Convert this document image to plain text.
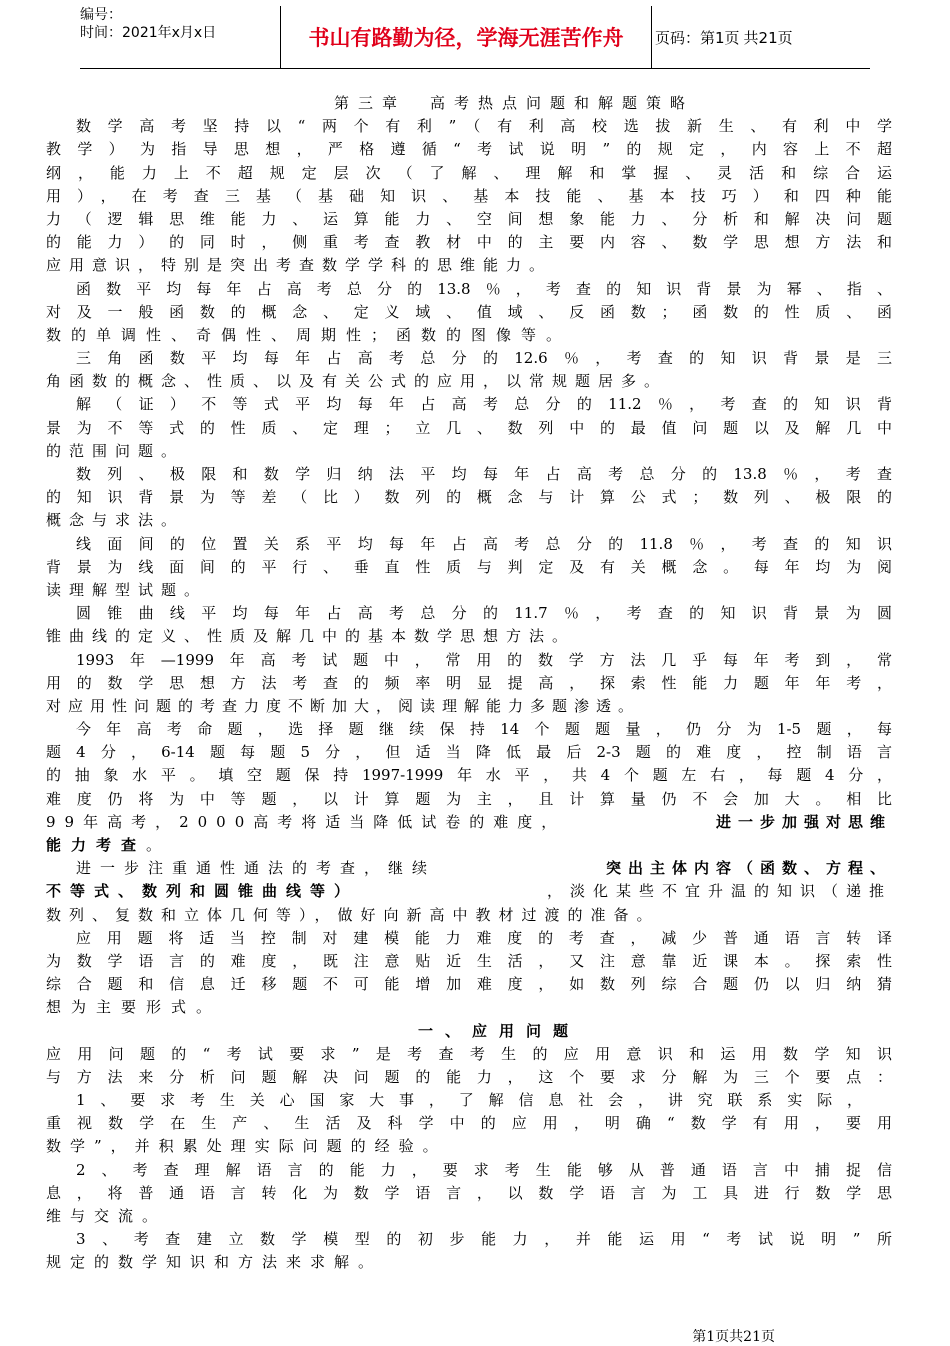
编号：
时间：2021年x月x日	书山有路勤为径，学海无涯苦作舟 页码：第1页 共21页
第三章　高考热点问题和解题策略
数学高考坚持以“两个有利”（有利高校选拔新生、有利中学
教学）为指导思想，严格遵循“考试说明”的规定，内容上不超
纲，能力上不超规定层次（了解、理解和掌握、灵活和综合运
用），在考查三基（基础知识、基本技能、基本技巧）和四种能
力（逻辑思维能力、运算能力、空间想象能力、分析和解决问题
的能力）的同时，侧重考查教材中的主要内容、数学思想方法和
应用意识，特别是突出考查数学学科的思维能力。
函数平均每年占高考总分的13.8％，考查的知识背景为幂、指、
对及一般函数的概念、定义域、值域、反函数；函数的性质、函
数的单调性、奇偶性、周期性；函数的图像等。
三角函数平均每年占高考总分的12.6％，考查的知识背景是三
角函数的概念、性质、以及有关公式的应用，以常规题居多。
解（证）不等式平均每年占高考总分的11.2％，考查的知识背
景为不等式的性质、定理；立几、数列中的最值问题以及解几中
的范围问题。
数列、极限和数学归纳法平均每年占高考总分的13.8％，考查
的知识背景为等差（比）数列的概念与计算公式；数列、极限的
概念与求法。
线面间的位置关系平均每年占高考总分的11.8％，考查的知识
背景为线面间的平行、垂直性质与判定及有关概念。每年均为阅
读理解型试题。
圆锥曲线平均每年占高考总分的11.7％，考查的知识背景为圆
锥曲线的定义、性质及解几中的基本数学思想方法。
1993年—1999年高考试题中，常用的数学方法几乎每年考到，常
用的数学思想方法考查的频率明显提高，探索性能力题年年考，
对应用性问题的考查力度不断加大，阅读理解能力多题渗透。
今年高考命题，选择题继续保持14个题题量，仍分为1-5题，每
题4分，6-14题每题5分，但适当降低最后2-3题的难度，控制语言
的抽象水平。填空题保持1997-1999年水平，共4个题左右，每题4分，
难度仍将为中等题，以计算题为主，且计算量仍不会加大。相比
99年高考，2000高考将适当降低试卷的难度，	进一步加强对思维
能力考查。
进一步注重通性通法的考查，继续	突出主体内容（函数、方程、
不等式、数列和圆锥曲线等）	，淡化某些不宜升温的知识（递推
数列、复数和立体几何等），做好向新高中教材过渡的准备。
应用题将适当控制对建模能力难度的考查，减少普通语言转译
为数学语言的难度，既注意贴近生活，又注意靠近课本。探索性
综合题和信息迁移题不可能增加难度，如数列综合题仍以归纳猜
想为主要形式。
一、应用问题
应用问题的“考试要求”是考查考生的应用意识和运用数学知识
与方法来分析问题解决问题的能力，这个要求分解为三个要点：
1、要求考生关心国家大事，了解信息社会，讲究联系实际，
重视数学在生产、生活及科学中的应用，明确“数学有用，要用
数学”，并积累处理实际问题的经验。
2、考查理解语言的能力，要求考生能够从普通语言中捕捉信
息，将普通语言转化为数学语言，以数学语言为工具进行数学思
维与交流。
3、考查建立数学模型的初步能力，并能运用“考试说明”所
规定的数学知识和方法来求解。
第1页共21页
